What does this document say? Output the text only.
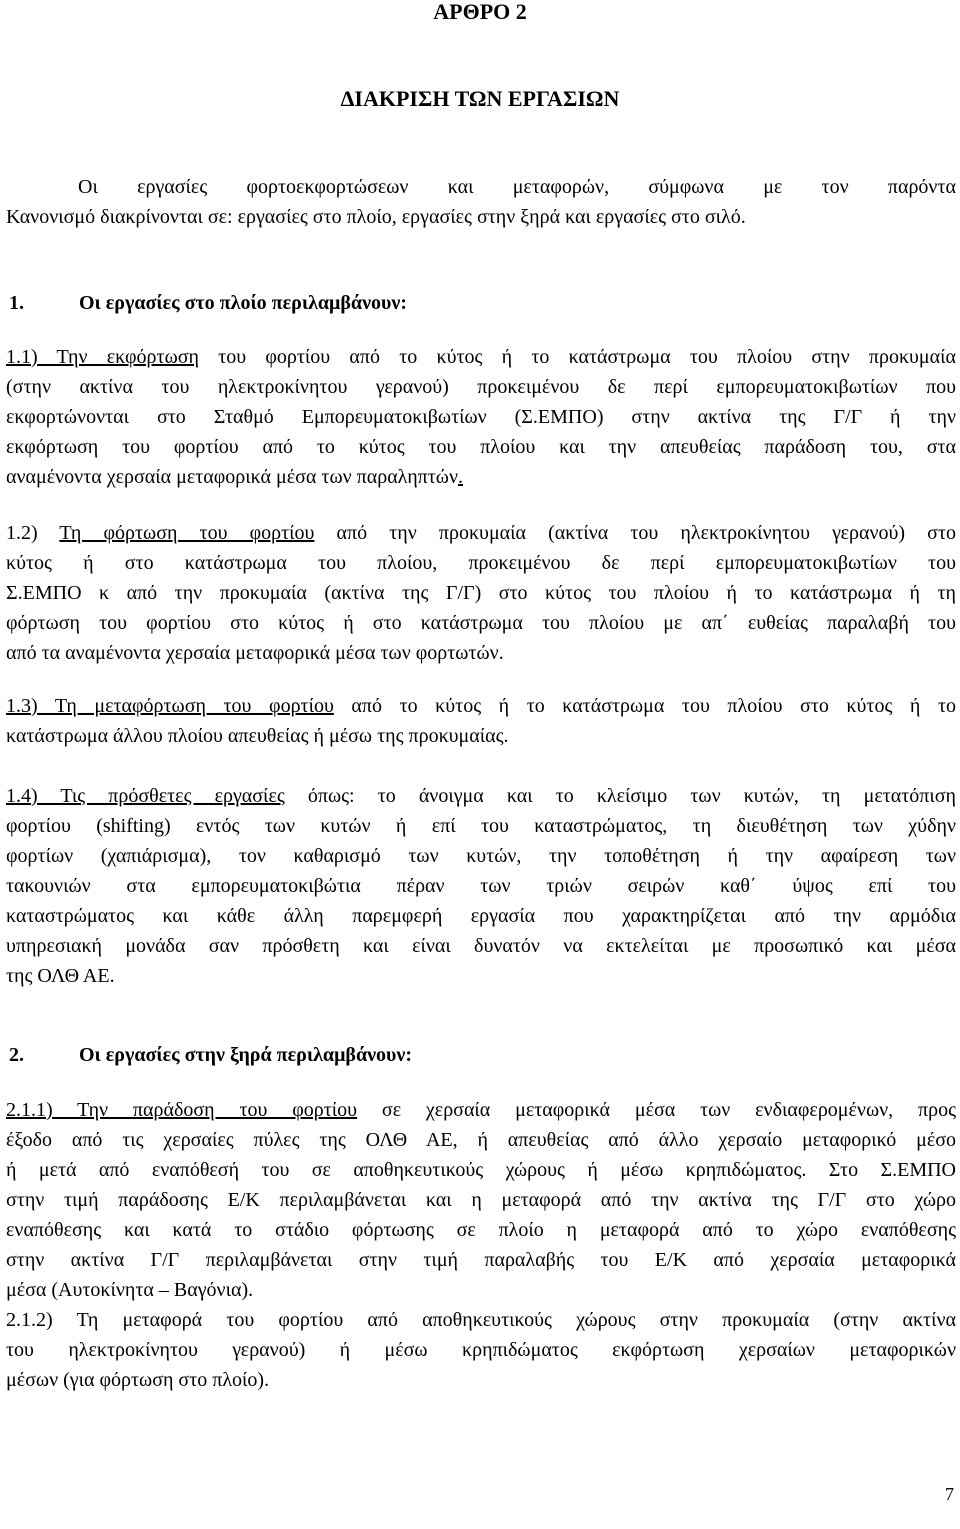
ΑΡΘΡΟ 2
ΔΙΑΚΡΙΣΗ ΤΩΝ ΕΡΓΑΣΙΩΝ
Οι εργασίες φορτοεκφορτώσεων και μεταφορών, σύμφωνα με τον παρόντα
Κανονισμό διακρίνονται σε: εργασίες στο πλοίο, εργασίες στην ξηρά και εργασίες στο σιλό.
1.	Οι εργασίες στο πλοίο περιλαμβάνουν:
1.1) Την εκφόρτωση του φορτίου από το κύτος ή το κατάστρωμα του πλοίου στην προκυμαία
(στην ακτίνα του ηλεκτροκίνητου γερανού) προκειμένου δε περί εμπορευματοκιβωτίων που
εκφορτώνονται στο Σταθμό Εμπορευματοκιβωτίων (Σ.ΕΜΠΟ) στην ακτίνα της Γ/Γ ή την
εκφόρτωση του φορτίου από το κύτος του πλοίου και την απευθείας παράδοση του, στα
αναμένοντα χερσαία μεταφορικά μέσα των παραληπτών.
1.2) Τη φόρτωση του φορτίου από την προκυμαία (ακτίνα του ηλεκτροκίνητου γερανού) στο
κύτος ή στο κατάστρωμα του πλοίου, προκειμένου δε περί εμπορευματοκιβωτίων του
Σ.ΕΜΠΟ κ από την προκυμαία (ακτίνα της Γ/Γ) στο κύτος του πλοίου ή το κατάστρωμα ή τη
φόρτωση του φορτίου στο κύτος ή στο κατάστρωμα του πλοίου με απ΄ ευθείας παραλαβή του
από τα αναμένοντα χερσαία μεταφορικά μέσα των φορτωτών.
1.3) Τη μεταφόρτωση του φορτίου από το κύτος ή το κατάστρωμα του πλοίου στο κύτος ή το
κατάστρωμα άλλου πλοίου απευθείας ή μέσω της προκυμαίας.
1.4) Τις πρόσθετες εργασίες όπως: το άνοιγμα και το κλείσιμο των κυτών, τη μετατόπιση
φορτίου (shifting) εντός των κυτών ή επί του καταστρώματος, τη διευθέτηση των χύδην
φορτίων (χαπιάρισμα), τον καθαρισμό των κυτών, την τοποθέτηση ή την αφαίρεση των
τακουνιών στα εμπορευματοκιβώτια πέραν των τριών σειρών καθ΄ ύψος επί του
καταστρώματος και κάθε άλλη παρεμφερή εργασία που χαρακτηρίζεται από την αρμόδια
υπηρεσιακή μονάδα σαν πρόσθετη και είναι δυνατόν να εκτελείται με προσωπικό και μέσα
της ΟΛΘ ΑΕ.
2.	Οι εργασίες στην ξηρά περιλαμβάνουν:
2.1.1) Την παράδοση του φορτίου σε χερσαία μεταφορικά μέσα των ενδιαφερομένων, προς
έξοδο από τις χερσαίες πύλες της ΟΛΘ ΑΕ, ή απευθείας από άλλο χερσαίο μεταφορικό μέσο
ή μετά από εναπόθεσή του σε αποθηκευτικούς χώρους ή μέσω κρηπιδώματος. Στο Σ.ΕΜΠΟ
στην τιμή παράδοσης Ε/Κ περιλαμβάνεται και η μεταφορά από την ακτίνα της Γ/Γ στο χώρο
εναπόθεσης και κατά το στάδιο φόρτωσης σε πλοίο η μεταφορά από το χώρο εναπόθεσης
στην ακτίνα Γ/Γ περιλαμβάνεται στην τιμή παραλαβής του Ε/Κ από χερσαία μεταφορικά
μέσα (Αυτοκίνητα – Βαγόνια).
2.1.2) Τη μεταφορά του φορτίου από αποθηκευτικούς χώρους στην προκυμαία (στην ακτίνα
του ηλεκτροκίνητου γερανού) ή μέσω κρηπιδώματος εκφόρτωση χερσαίων μεταφορικών
μέσων (για φόρτωση στο πλοίο).
7
